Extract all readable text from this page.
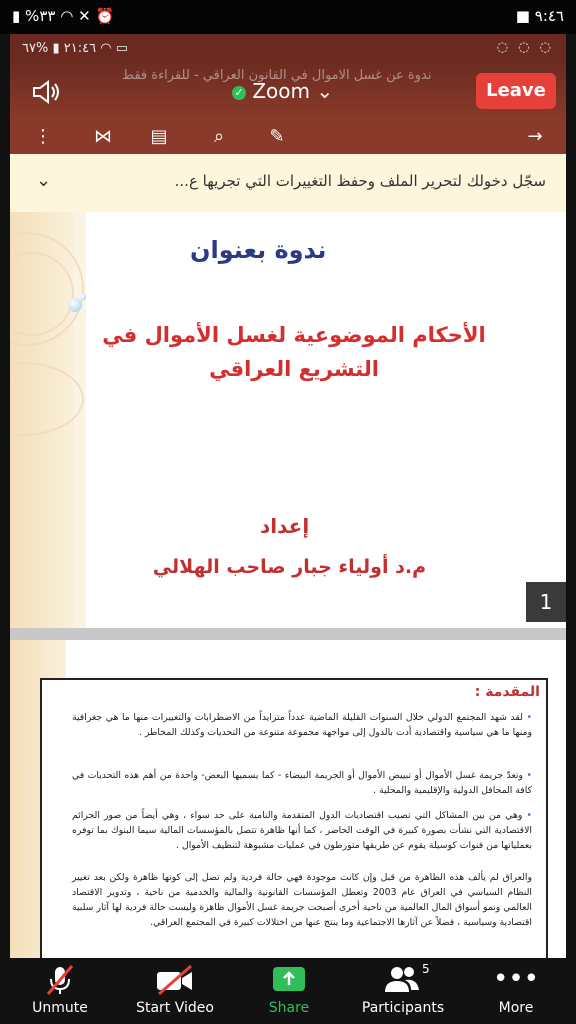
▮ %٣٣ ◠ ✕ ⏰	■ ٩:٤٦
٢١:٤٦ ▮ %٦٧	◠ ▭	◌ ◌ ◌
ندوة عن غسل الاموال في القانون العراقي - للقراءة فقط
✓ Zoom ⌄	Leave
⋮ ⋈ ▤	⌕	✎	→
⌄	سجّل دخولك لتحرير الملف وحفظ التغييرات التي تجريها ع...
ندوة بعنوان
الأحكام الموضوعية لغسل الأموال في التشريع العراقي
إعداد
م.د أولياء جبار صاحب الهلالي
1
المقدمة :
• لقد شهد المجتمع الدولي خلال السنوات القليلة الماضية عدداً متزايداً من الاضطرابات والتغييرات منها ما هي جغرافية ومنها ما هي سياسية واقتصادية أدت بالدول إلى مواجهة مجموعة متنوعة من التحديات وكذلك المخاطر .
• وتعدّ جريمة غسل الأموال أو تبييض الأموال أو الجريمة البيضاء - كما يسميها البعض- واحدة من أهم هذه التحديات في كافة المحافل الدولية والإقليمية والمحلية .
• وهي من بين المشاكل التي تصيب اقتصاديات الدول المتقدمة والنامية على حد سواء ، وهي أيضاً من صور الجرائم الاقتصادية التي نشأت بصورة كبيرة في الوقت الحاضر ، كما أنها ظاهرة تتصل بالمؤسسات المالية سيما البنوك بما توفره بعملياتها من فنوات كوسيلة يقوم عن طريقها متورطون في عمليات مشبوهة لتنظيف الأموال .
والعراق لم يألف هذه الظاهرة من قبل وإن كانت موجودة فهي حالة فردية ولم تصل إلى كونها ظاهرة ولكن بعد تغيير النظام السياسي في العراق عام 2003 وتعطل المؤسسات القانونية والمالية والخدمية من ناحية ، وتدوير الاقتصاد العالمي ونمو أسواق المال العالمية من ناحية أخرى أصبحت جريمة غسل الأموال ظاهرة وليست حالة فردية لها آثار سلبية اقتصادية وسياسية ، فضلاً عن آثارها الاجتماعية وما ينتج عنها من اختلالات كبيرة في المجتمع العراقي.
Unmute	Start Video	Share
5
Participants
•••
More
